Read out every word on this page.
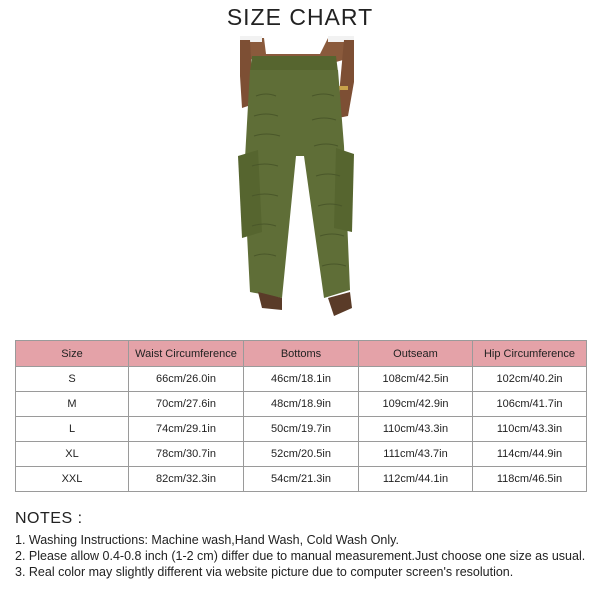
SIZE CHART
Size	Waist Circumference	Bottoms	Outseam	Hip Circumference
S	66cm/26.0in	46cm/18.1in	108cm/42.5in	102cm/40.2in
M	70cm/27.6in	48cm/18.9in	109cm/42.9in	106cm/41.7in
L	74cm/29.1in	50cm/19.7in	110cm/43.3in	110cm/43.3in
XL	78cm/30.7in	52cm/20.5in	111cm/43.7in	114cm/44.9in
XXL	82cm/32.3in	54cm/21.3in	112cm/44.1in	118cm/46.5in
NOTES :
1. Washing Instructions: Machine wash,Hand Wash, Cold Wash Only.
2. Please allow 0.4-0.8 inch (1-2 cm) differ due to manual measurement.Just choose one size as usual.
3. Real color may slightly different via website picture due to computer screen's resolution.
